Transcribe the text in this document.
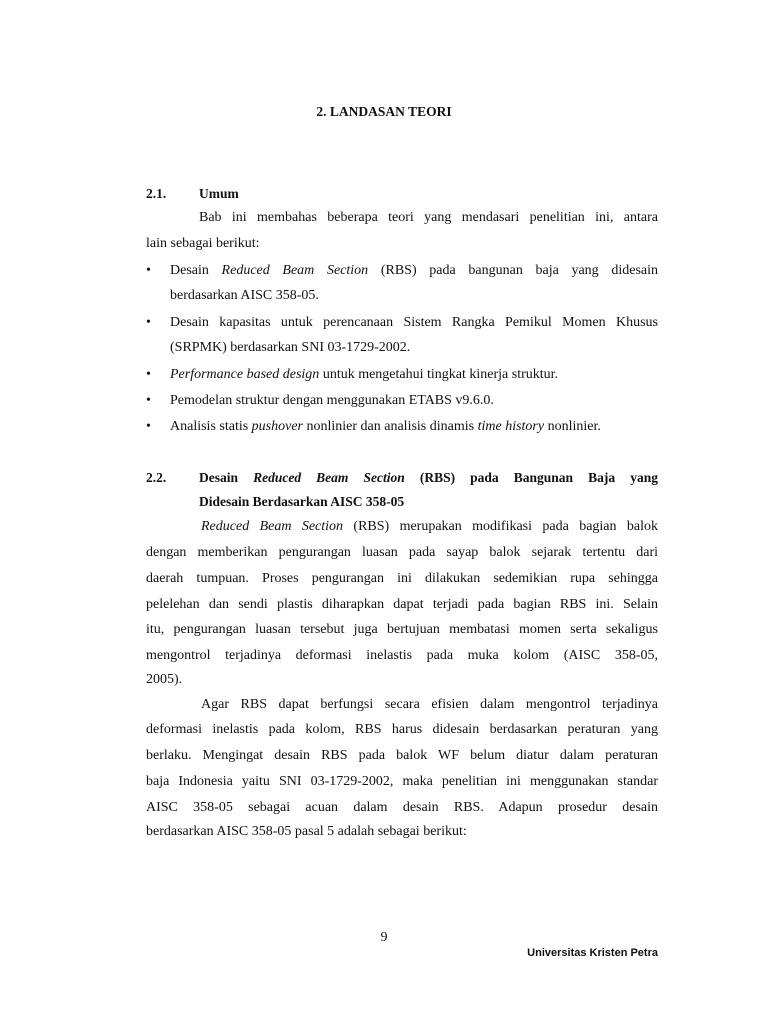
2. LANDASAN TEORI
2.1. Umum
Bab ini membahas beberapa teori yang mendasari penelitian ini, antara
lain sebagai berikut:
• Desain Reduced Beam Section (RBS) pada bangunan baja yang didesain
berdasarkan AISC 358-05.
• Desain kapasitas untuk perencanaan Sistem Rangka Pemikul Momen Khusus
(SRPMK) berdasarkan SNI 03-1729-2002.
• Performance based design untuk mengetahui tingkat kinerja struktur.
• Pemodelan struktur dengan menggunakan ETABS v9.6.0.
• Analisis statis pushover nonlinier dan analisis dinamis time history nonlinier.
2.2. Desain Reduced Beam Section (RBS) pada Bangunan Baja yang
Didesain Berdasarkan AISC 358-05
Reduced Beam Section (RBS) merupakan modifikasi pada bagian balok
dengan memberikan pengurangan luasan pada sayap balok sejarak tertentu dari
daerah tumpuan. Proses pengurangan ini dilakukan sedemikian rupa sehingga
pelelehan dan sendi plastis diharapkan dapat terjadi pada bagian RBS ini. Selain
itu, pengurangan luasan tersebut juga bertujuan membatasi momen serta sekaligus
mengontrol terjadinya deformasi inelastis pada muka kolom (AISC 358-05,
2005).
Agar RBS dapat berfungsi secara efisien dalam mengontrol terjadinya
deformasi inelastis pada kolom, RBS harus didesain berdasarkan peraturan yang
berlaku. Mengingat desain RBS pada balok WF belum diatur dalam peraturan
baja Indonesia yaitu SNI 03-1729-2002, maka penelitian ini menggunakan standar
AISC 358-05 sebagai acuan dalam desain RBS. Adapun prosedur desain
berdasarkan AISC 358-05 pasal 5 adalah sebagai berikut:
9
Universitas Kristen Petra
